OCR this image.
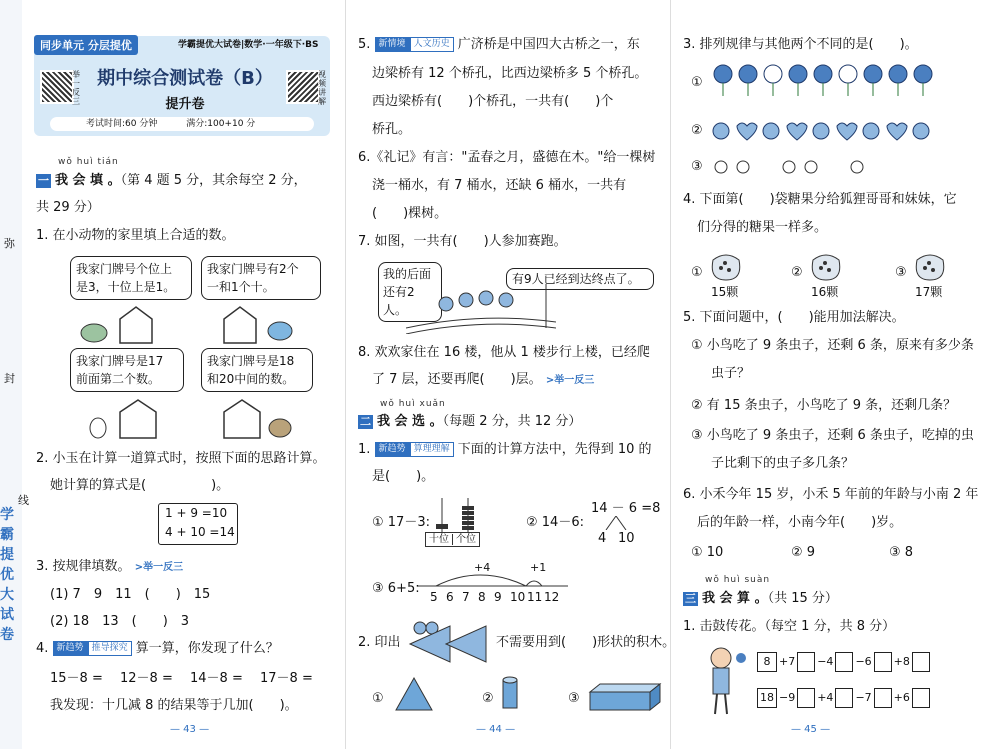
弥
封
线
学霸提优大试卷
同步单元 分层提优	学霸提优大试卷|数学·一年级下·BS
举一反三
视频讲解
期中综合测试卷（B）
提升卷
考试时间:60 分钟	满分:100+10 分
wǒ huì tián
一 我 会 填 。（第 4 题 5 分，其余每空 2 分，
共 29 分）
1. 在小动物的家里填上合适的数。
我家门牌号个位上
是3，十位上是1。
我家门牌号有2个
一和1个十。
我家门牌号是17
前面第二个数。
我家门牌号是18
和20中间的数。
2. 小玉在计算一道算式时，按照下面的思路计算。
她计算的算式是(　　　　　)。
1 + 9 =10
4 + 10 =14
3. 按规律填数。 >举一反三
(1) 7　9　11　(　　)　15
(2) 18　13　(　　)　3
4. 新趋势 推导探究 算一算，你发现了什么？
15－8 = 12－8 = 14－8 = 17－8 =
我发现：十几减 8 的结果等于几加(　　)。
— 43 —
5. 新情境 人文历史 广济桥是中国四大古桥之一，东
边梁桥有 12 个桥孔，比西边梁桥多 5 个桥孔。
西边梁桥有(　　)个桥孔，一共有(　　)个
桥孔。
6.《礼记》有言："孟春之月，盛德在木。"给一棵树
浇一桶水，有 7 桶水，还缺 6 桶水，一共有
(　　)棵树。
7. 如图，一共有(　　)人参加赛跑。
我的后面
还有2人。
有9人已经到达终点了。
8. 欢欢家住在 16 楼，他从 1 楼步行上楼，已经爬
了 7 层，还要再爬(　　)层。 >举一反三
wǒ huì xuǎn
二 我 会 选 。（每题 2 分，共 12 分）
1. 新趋势 算理理解 下面的计算方法中，先得到 10 的
是(　　)。
① 17－3:
十位 个位
② 14－6:
14 － 6 =8
4 10
③ 6+5:
+4	+1
5 6 7 8 9 10 11 12
2. 印出	不需要用到(　　)形状的积木。
①	②	③
— 44 —
3. 排列规律与其他两个不同的是(　　)。
①
②
③
4. 下面第(　　)袋糖果分给狐狸哥哥和妹妹，它
们分得的糖果一样多。
①	②	③
15颗	16颗	17颗
5. 下面问题中，(　　)能用加法解决。
① 小鸟吃了 9 条虫子，还剩 6 条，原来有多少条
虫子？
② 有 15 条虫子，小鸟吃了 9 条，还剩几条？
③ 小鸟吃了 9 条虫子，还剩 6 条虫子，吃掉的虫
子比剩下的虫子多几条？
6. 小禾今年 15 岁，小禾 5 年前的年龄与小南 2 年
后的年龄一样，小南今年(　　)岁。
① 10	② 9	③ 8
wǒ huì suàn
三 我 会 算 。（共 15 分）
1. 击鼓传花。（每空 1 分，共 8 分）
8 +7 −4 −6 +8
18 −9 +4 −7 +6
— 45 —
